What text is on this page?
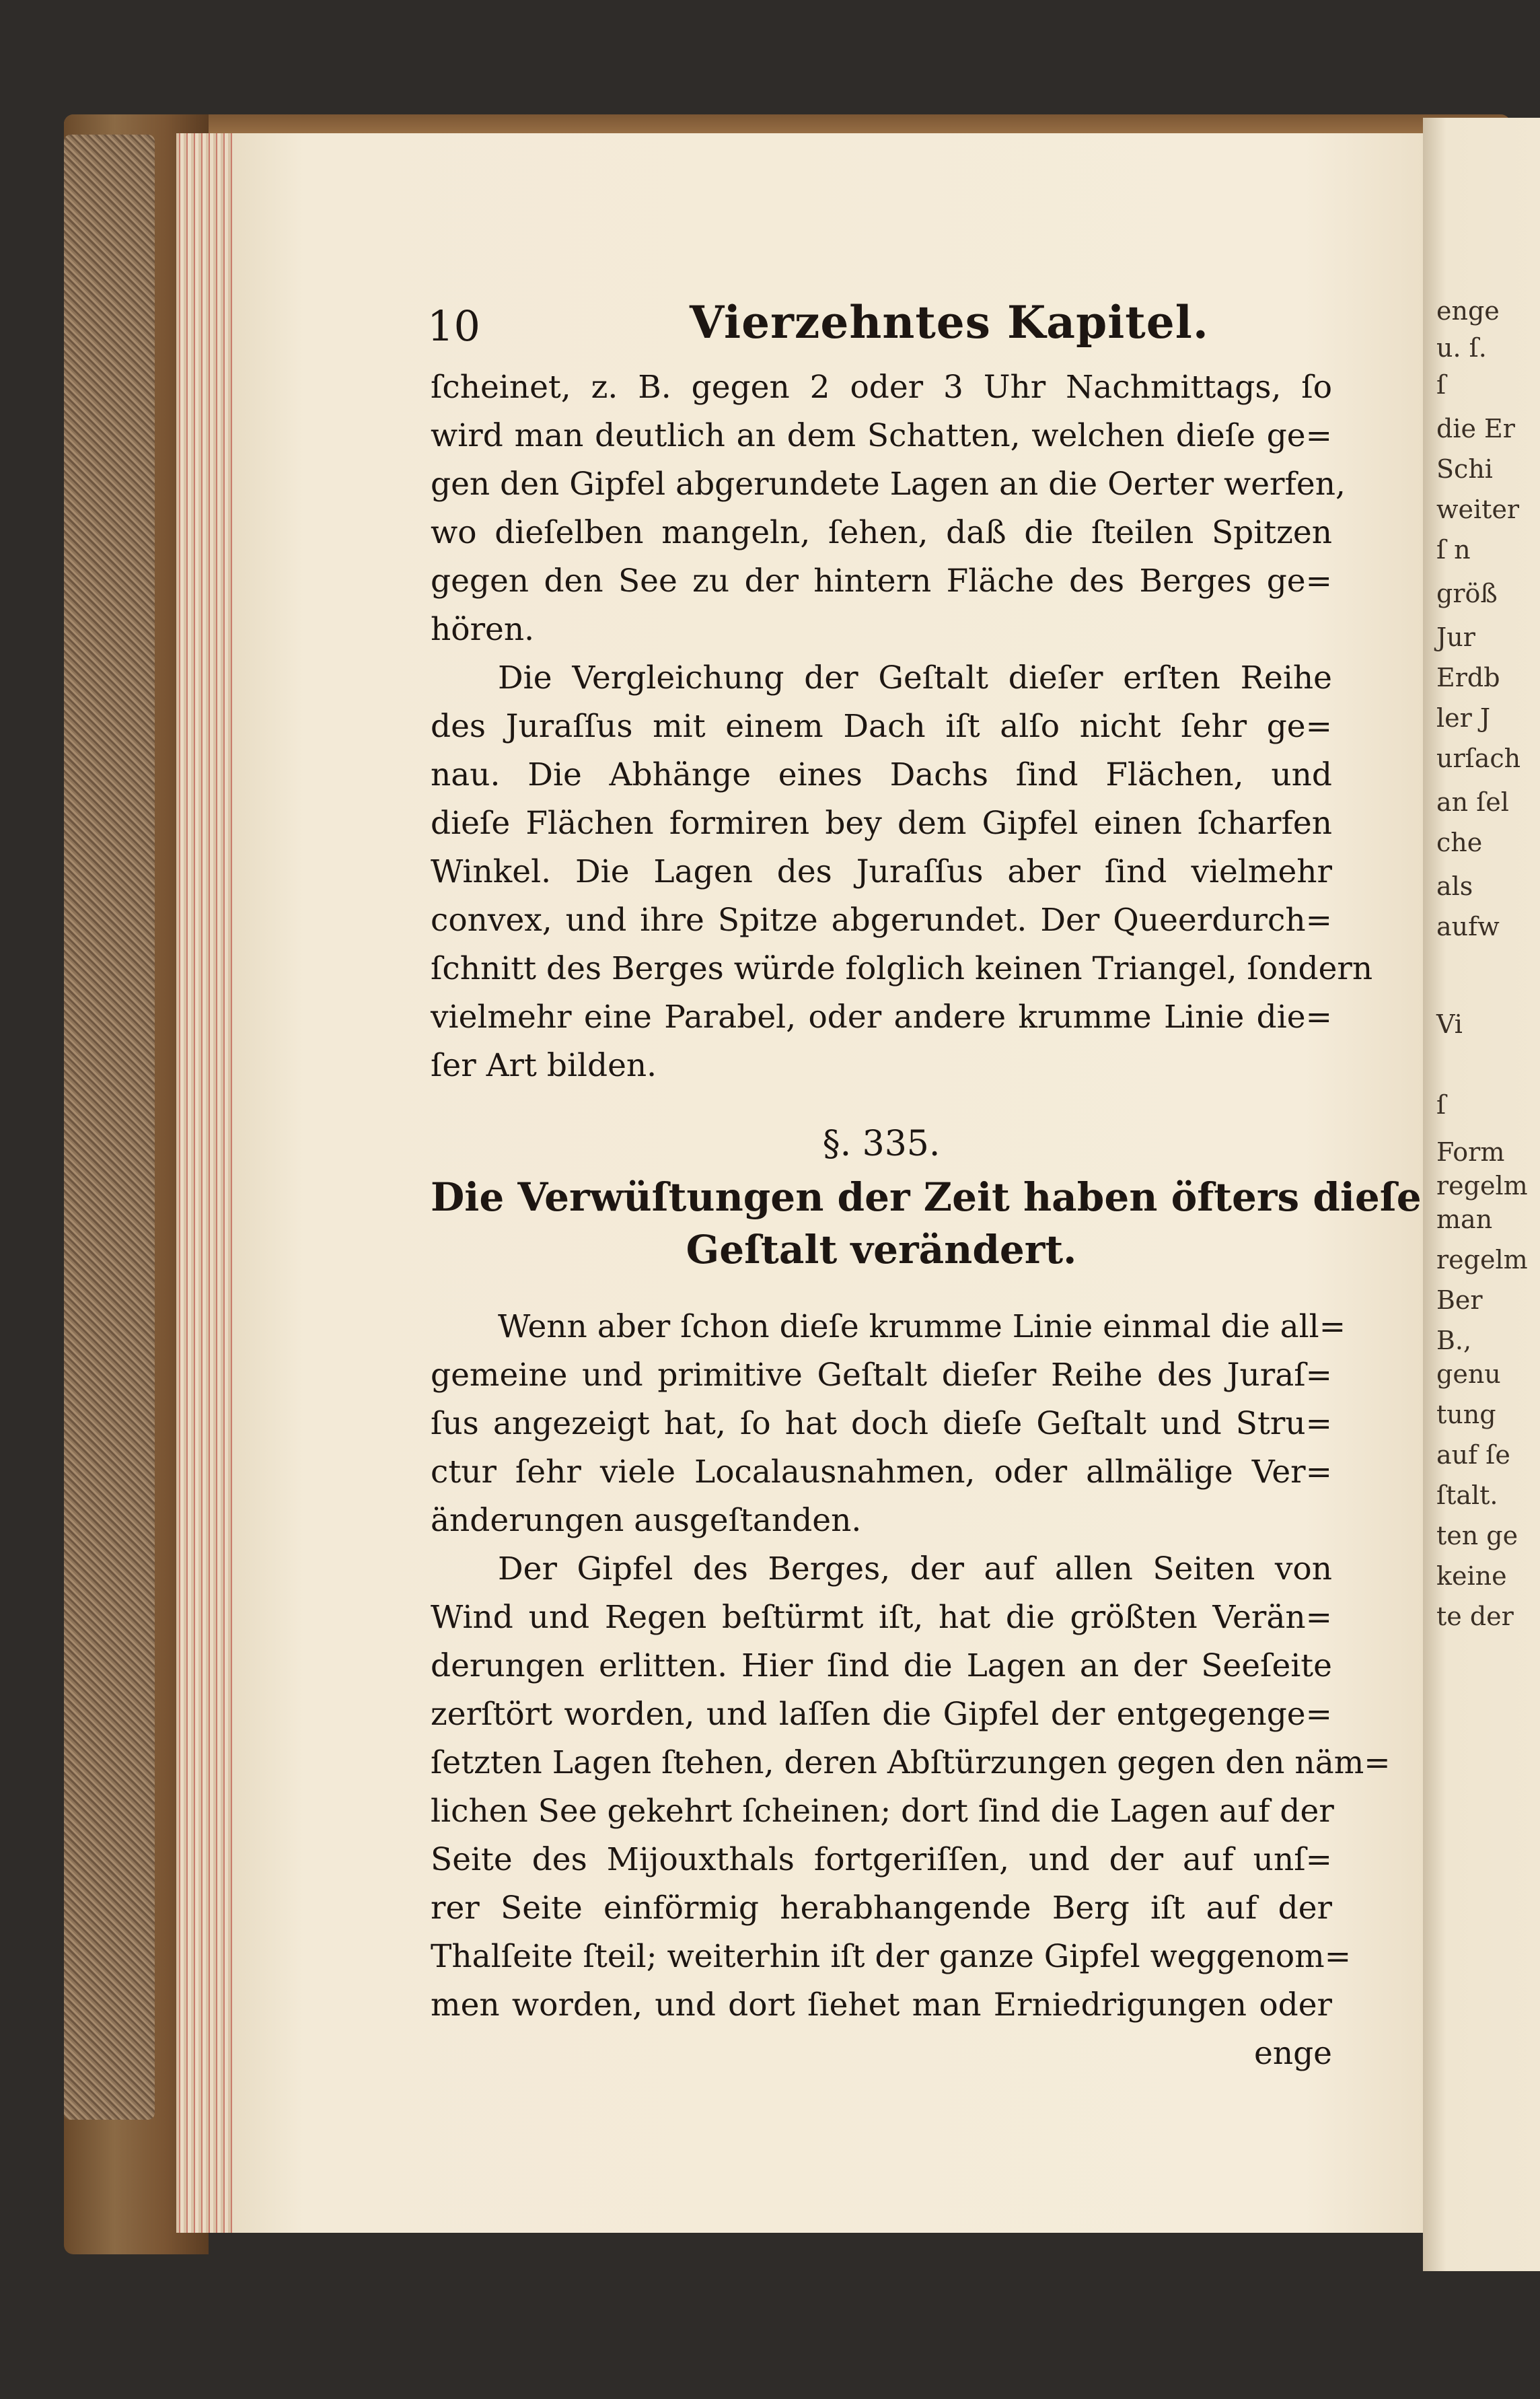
enge
u. ſ.
ſ
die Er
Schi
weiter
ſ n
größ
Jur
Erdb
ler J
urſach
an ſel
che
als
aufw
Vi
ſ
Form
regelm
man
regelm
Ber
B.,
genu
tung
auf ſe
ſtalt.
ten ge
keine
te der
10	Vierzehntes Kapitel.
ſcheinet, z. B. gegen 2 oder 3 Uhr Nachmittags, ſo
wird man deutlich an dem Schatten, welchen dieſe ge=
gen den Gipfel abgerundete Lagen an die Oerter werfen,
wo dieſelben mangeln, ſehen, daß die ſteilen Spitzen
gegen den See zu der hintern Fläche des Berges ge=
hören.
Die Vergleichung der Geſtalt dieſer erſten Reihe
des Juraſſus mit einem Dach iſt alſo nicht ſehr ge=
nau. Die Abhänge eines Dachs ſind Flächen, und
dieſe Flächen formiren bey dem Gipfel einen ſcharfen
Winkel. Die Lagen des Juraſſus aber ſind vielmehr
convex, und ihre Spitze abgerundet. Der Queerdurch=
ſchnitt des Berges würde folglich keinen Triangel, ſondern
vielmehr eine Parabel, oder andere krumme Linie die=
ſer Art bilden.
§. 335.
Die Verwüſtungen der Zeit haben öfters dieſe
Geſtalt verändert.
Wenn aber ſchon dieſe krumme Linie einmal die all=
gemeine und primitive Geſtalt dieſer Reihe des Juraſ=
ſus angezeigt hat, ſo hat doch dieſe Geſtalt und Stru=
ctur ſehr viele Localausnahmen, oder allmälige Ver=
änderungen ausgeſtanden.
Der Gipfel des Berges, der auf allen Seiten von
Wind und Regen beſtürmt iſt, hat die größten Verän=
derungen erlitten. Hier ſind die Lagen an der Seeſeite
zerſtört worden, und laſſen die Gipfel der entgegenge=
ſetzten Lagen ſtehen, deren Abſtürzungen gegen den näm=
lichen See gekehrt ſcheinen; dort ſind die Lagen auf der
Seite des Mijouxthals fortgeriſſen, und der auf unſ=
rer Seite einförmig herabhangende Berg iſt auf der
Thalſeite ſteil; weiterhin iſt der ganze Gipfel weggenom=
men worden, und dort ſiehet man Erniedrigungen oder
enge
